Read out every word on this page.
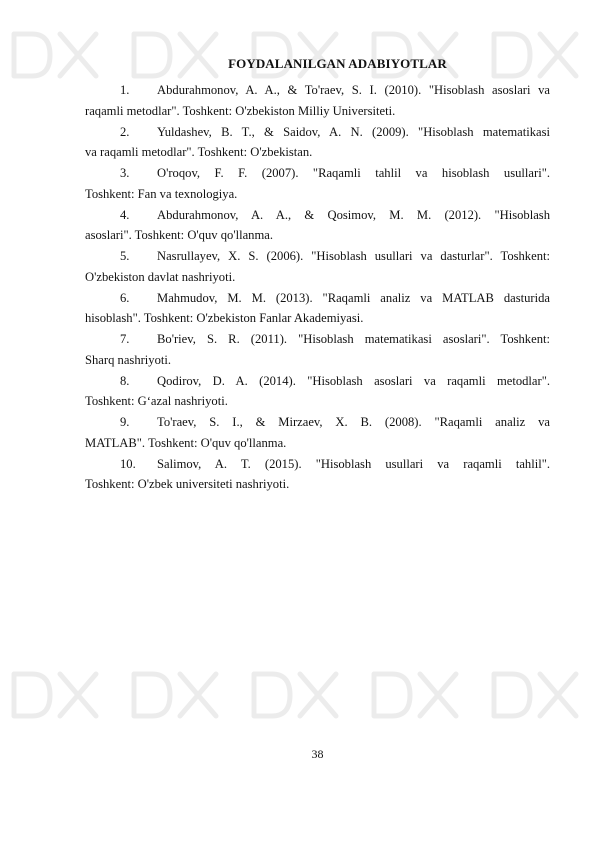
FOYDALANILGAN ADABIYOTLAR
1.	Abdurahmonov, A. A., & To'raev, S. I. (2010). "Hisoblash asoslari va
raqamli metodlar". Toshkent: O'zbekiston Milliy Universiteti.
2.	Yuldashev, B. T., & Saidov, A. N. (2009). "Hisoblash matematikasi
va raqamli metodlar". Toshkent: O'zbekistan.
3.	O'roqov, F. F. (2007). "Raqamli tahlil va hisoblash usullari".
Toshkent: Fan va texnologiya.
4.	Abdurahmonov, A. A., & Qosimov, M. M. (2012). "Hisoblash
asoslari". Toshkent: O'quv qo'llanma.
5.	Nasrullayev, X. S. (2006). "Hisoblash usullari va dasturlar". Toshkent:
O'zbekiston davlat nashriyoti.
6.	Mahmudov, M. M. (2013). "Raqamli analiz va MATLAB dasturida
hisoblash". Toshkent: O'zbekiston Fanlar Akademiyasi.
7.	Bo'riev, S. R. (2011). "Hisoblash matematikasi asoslari". Toshkent:
Sharq nashriyoti.
8.	Qodirov, D. A. (2014). "Hisoblash asoslari va raqamli metodlar".
Toshkent: G‘azal nashriyoti.
9.	To'raev, S. I., & Mirzaev, X. B. (2008). "Raqamli analiz va
MATLAB". Toshkent: O'quv qo'llanma.
10.	Salimov, A. T. (2015). "Hisoblash usullari va raqamli tahlil".
Toshkent: O'zbek universiteti nashriyoti.
38
